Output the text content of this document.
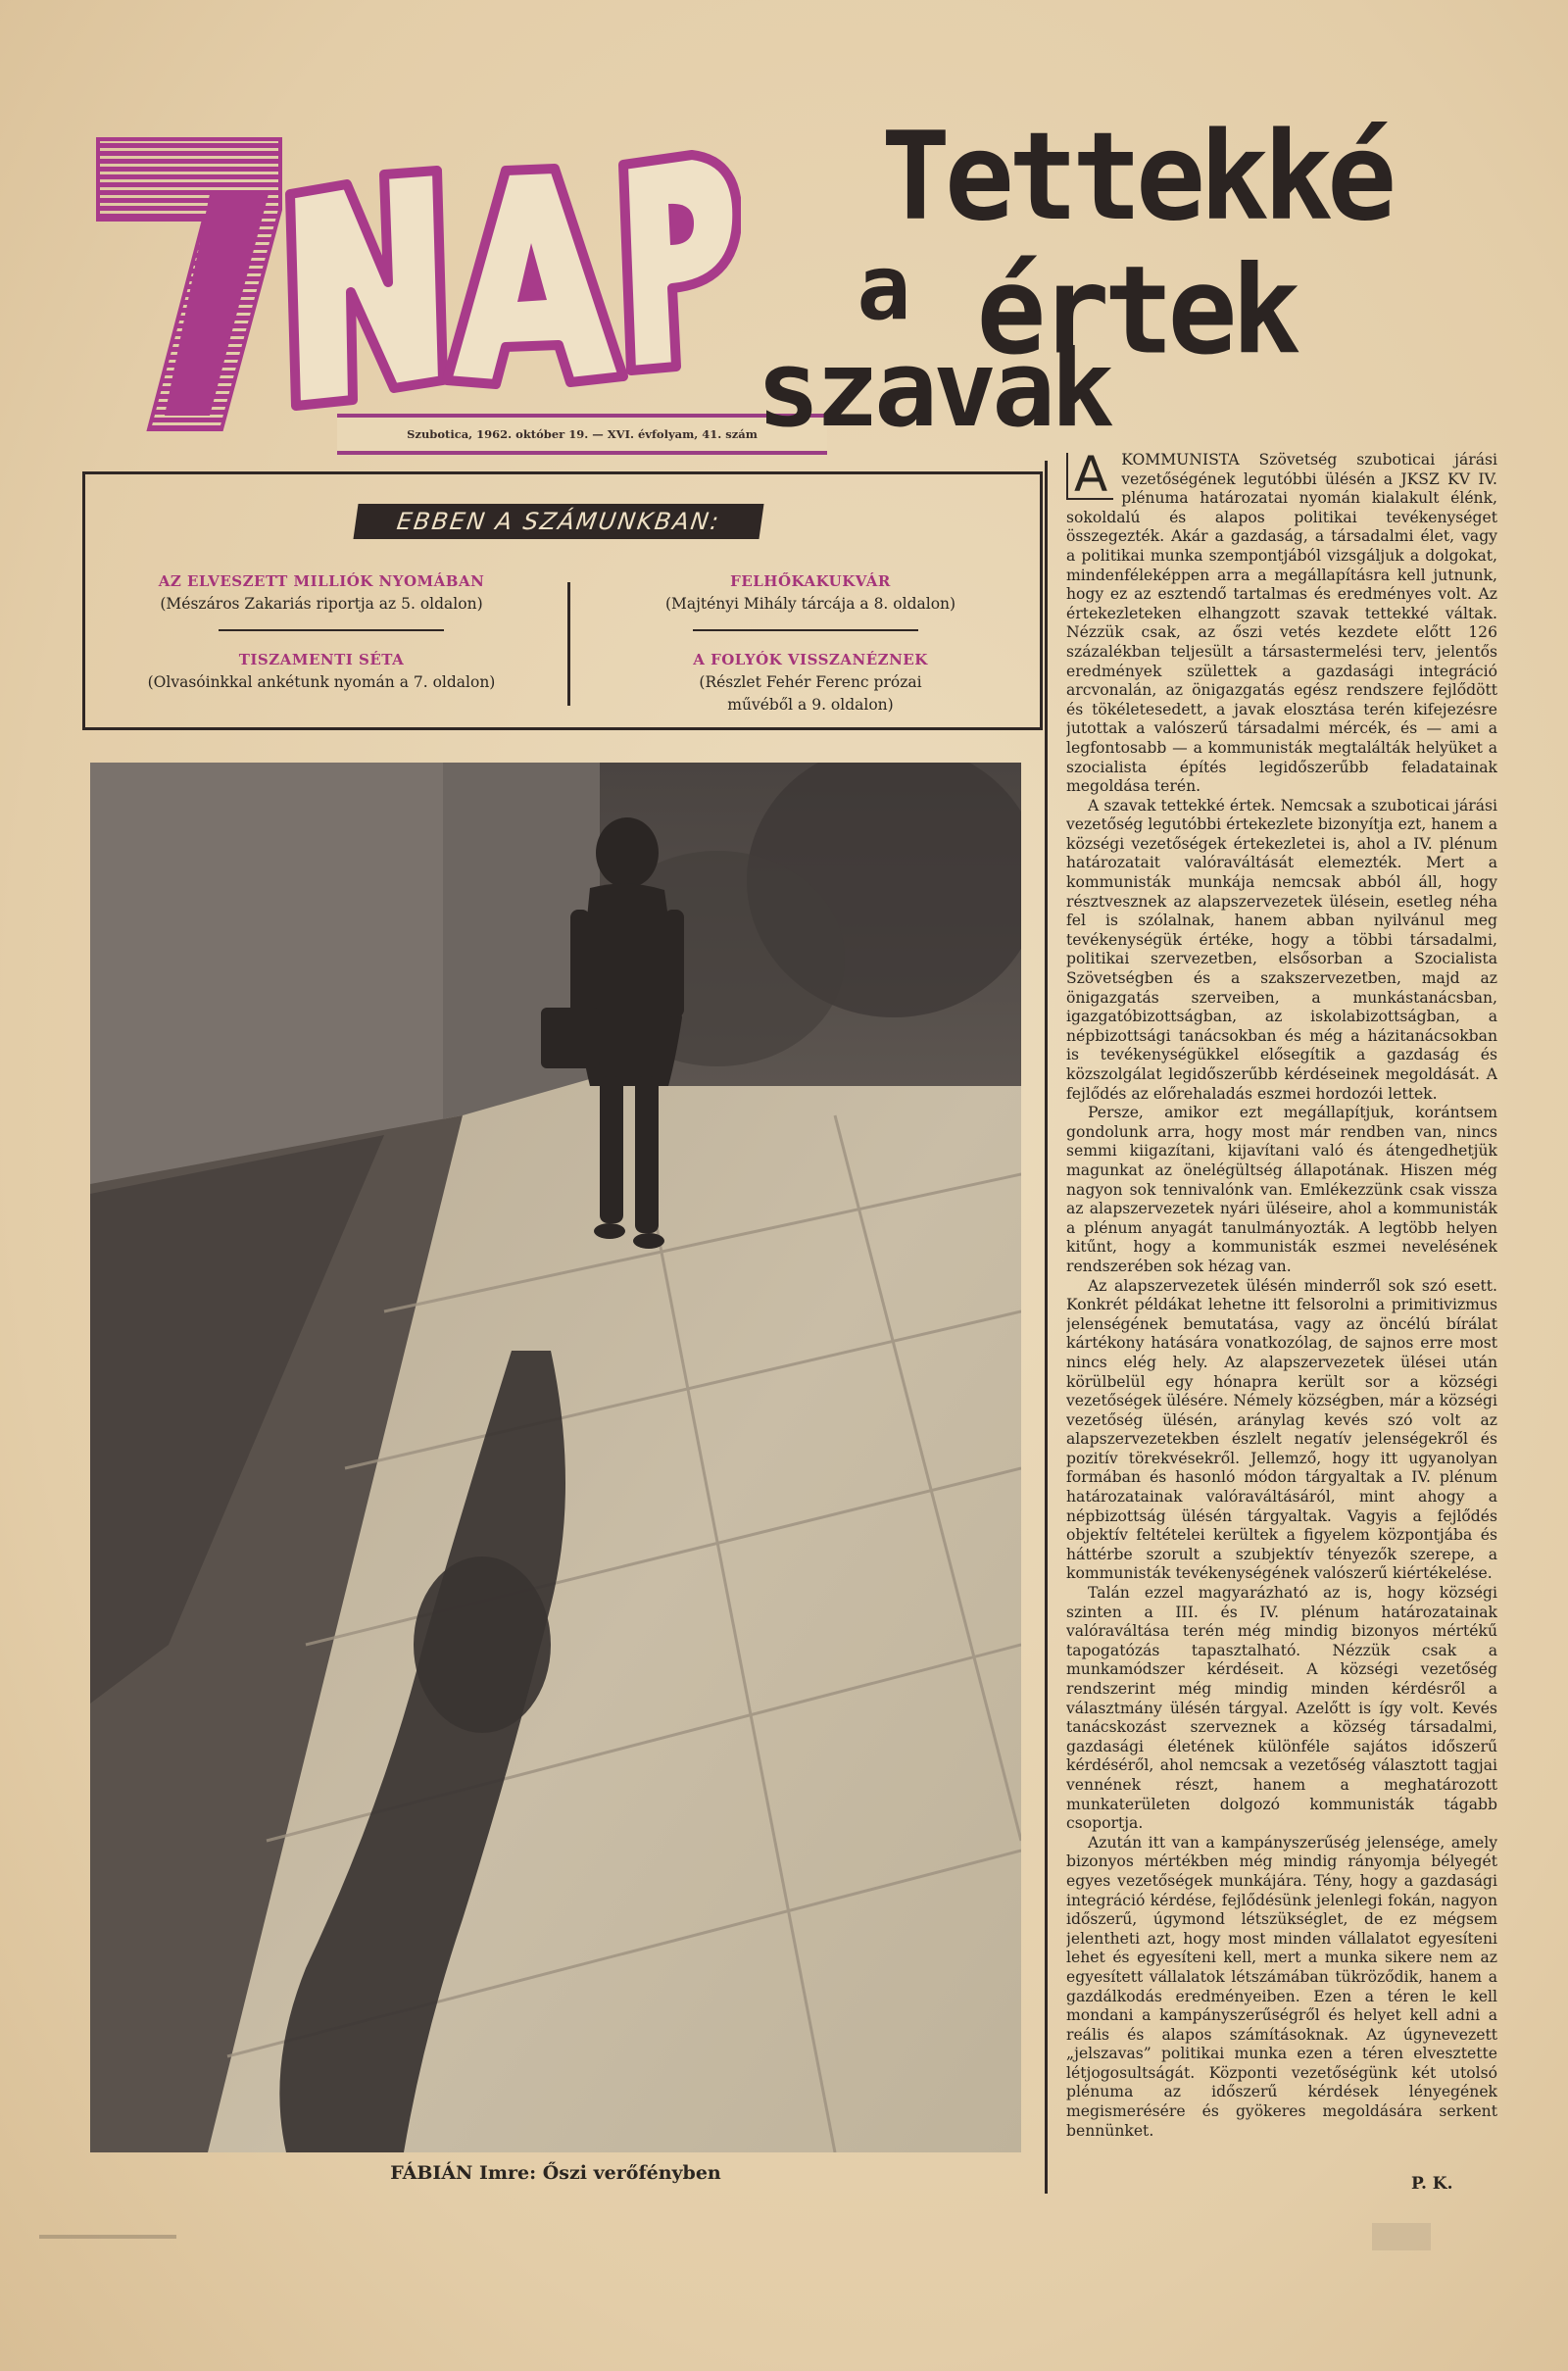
Szubotica, 1962. október 19. — XVI. évfolyam, 41. szám
Tettekké értek
a
szavak
EBBEN A SZÁMUNKBAN:
AZ ELVESZETT MILLIÓK NYOMÁBAN
(Mészáros Zakariás riportja az 5. oldalon)
TISZAMENTI SÉTA
(Olvasóinkkal ankétunk nyomán a 7. oldalon)
FELHŐKAKUKVÁR
(Majtényi Mihály tárcája a 8. oldalon)
A FOLYÓK VISSZANÉZNEK
(Részlet Fehér Ferenc prózai művéből a 9. oldalon)
FÁBIÁN Imre: Őszi verőfényben

A KOMMUNISTA Szövetség szuboticai járási vezetőségének legutóbbi ülésén a JKSZ KV IV. plénuma határozatai nyomán kialakult élénk, sokoldalú és alapos politikai tevékenységet összegezték. Akár a gazdaság, a társadalmi élet, vagy a politikai munka szempontjából vizsgáljuk a dolgokat, mindenféleképpen arra a megállapításra kell jutnunk, hogy ez az esztendő tartalmas és eredményes volt. Az értekezleteken elhangzott szavak tettekké váltak. Nézzük csak, az őszi vetés kezdete előtt 126 százalékban teljesült a társastermelési terv, jelentős eredmények születtek a gazdasági integráció arcvonalán, az önigazgatás egész rendszere fejlődött és tökéletesedett, a javak elosztása terén kifejezésre jutottak a valószerű társadalmi mércék, és — ami a legfontosabb — a kommunisták megtalálták helyüket a szocialista építés legidőszerűbb feladatainak megoldása terén.

A szavak tettekké értek. Nemcsak a szuboticai járási vezetőség legutóbbi értekezlete bizonyítja ezt, hanem a községi vezetőségek értekezletei is, ahol a IV. plénum határozatait valóraváltását elemezték. Mert a kommunisták munkája nemcsak abból áll, hogy résztvesznek az alapszervezetek ülésein, esetleg néha fel is szólalnak, hanem abban nyilvánul meg tevékenységük értéke, hogy a többi társadalmi, politikai szervezetben, elsősorban a Szocialista Szövetségben és a szakszervezetben, majd az önigazgatás szerveiben, a munkástanácsban, igazgatóbizottságban, az iskolabizottságban, a népbizottsági tanácsokban és még a házitanácsokban is tevékenységükkel elősegítik a gazdaság és közszolgálat legidőszerűbb kérdéseinek megoldását. A fejlődés az előrehaladás eszmei hordozói lettek.

Persze, amikor ezt megállapítjuk, korántsem gondolunk arra, hogy most már rendben van, nincs semmi kiigazítani, kijavítani való és átengedhetjük magunkat az önelégültség állapotának. Hiszen még nagyon sok tennivalónk van. Emlékezzünk csak vissza az alapszervezetek nyári üléseire, ahol a kommunisták a plénum anyagát tanulmányozták. A legtöbb helyen kitűnt, hogy a kommunisták eszmei nevelésének rendszerében sok hézag van.

Az alapszervezetek ülésén minderről sok szó esett. Konkrét példákat lehetne itt felsorolni a primitivizmus jelenségének bemutatása, vagy az öncélú bírálat kártékony hatására vonatkozólag, de sajnos erre most nincs elég hely. Az alapszervezetek ülései után körülbelül egy hónapra került sor a községi vezetőségek ülésére. Némely községben, már a községi vezetőség ülésén, aránylag kevés szó volt az alapszervezetekben észlelt negatív jelenségekről és pozitív törekvésekről. Jellemző, hogy itt ugyanolyan formában és hasonló módon tárgyaltak a IV. plénum határozatainak valóraváltásáról, mint ahogy a népbizottság ülésén tárgyaltak. Vagyis a fejlődés objektív feltételei kerültek a figyelem központjába és háttérbe szorult a szubjektív tényezők szerepe, a kommunisták tevékenységének valószerű kiértékelése.

Talán ezzel magyarázható az is, hogy községi szinten a III. és IV. plénum határozatainak valóraváltása terén még mindig bizonyos mértékű tapogatózás tapasztalható. Nézzük csak a munkamódszer kérdéseit. A községi vezetőség rendszerint még mindig minden kérdésről a választmány ülésén tárgyal. Azelőtt is így volt. Kevés tanácskozást szerveznek a község társadalmi, gazdasági életének különféle sajátos időszerű kérdéséről, ahol nemcsak a vezetőség választott tagjai vennének részt, hanem a meghatározott munkaterületen dolgozó kommunisták tágabb csoportja.

Azután itt van a kampányszerűség jelensége, amely bizonyos mértékben még mindig rányomja bélyegét egyes vezetőségek munkájára. Tény, hogy a gazdasági integráció kérdése, fejlődésünk jelenlegi fokán, nagyon időszerű, úgymond létszükséglet, de ez mégsem jelentheti azt, hogy most minden vállalatot egyesíteni lehet és egyesíteni kell, mert a munka sikere nem az egyesített vállalatok létszámában tükröződik, hanem a gazdálkodás eredményeiben. Ezen a téren le kell mondani a kampányszerűségről és helyet kell adni a reális és alapos számításoknak. Az úgynevezett „jelszavas” politikai munka ezen a téren elvesztette létjogosultságát. Központi vezetőségünk két utolsó plénuma az időszerű kérdések lényegének megismerésére és gyökeres megoldására serkent bennünket.

P. K.
